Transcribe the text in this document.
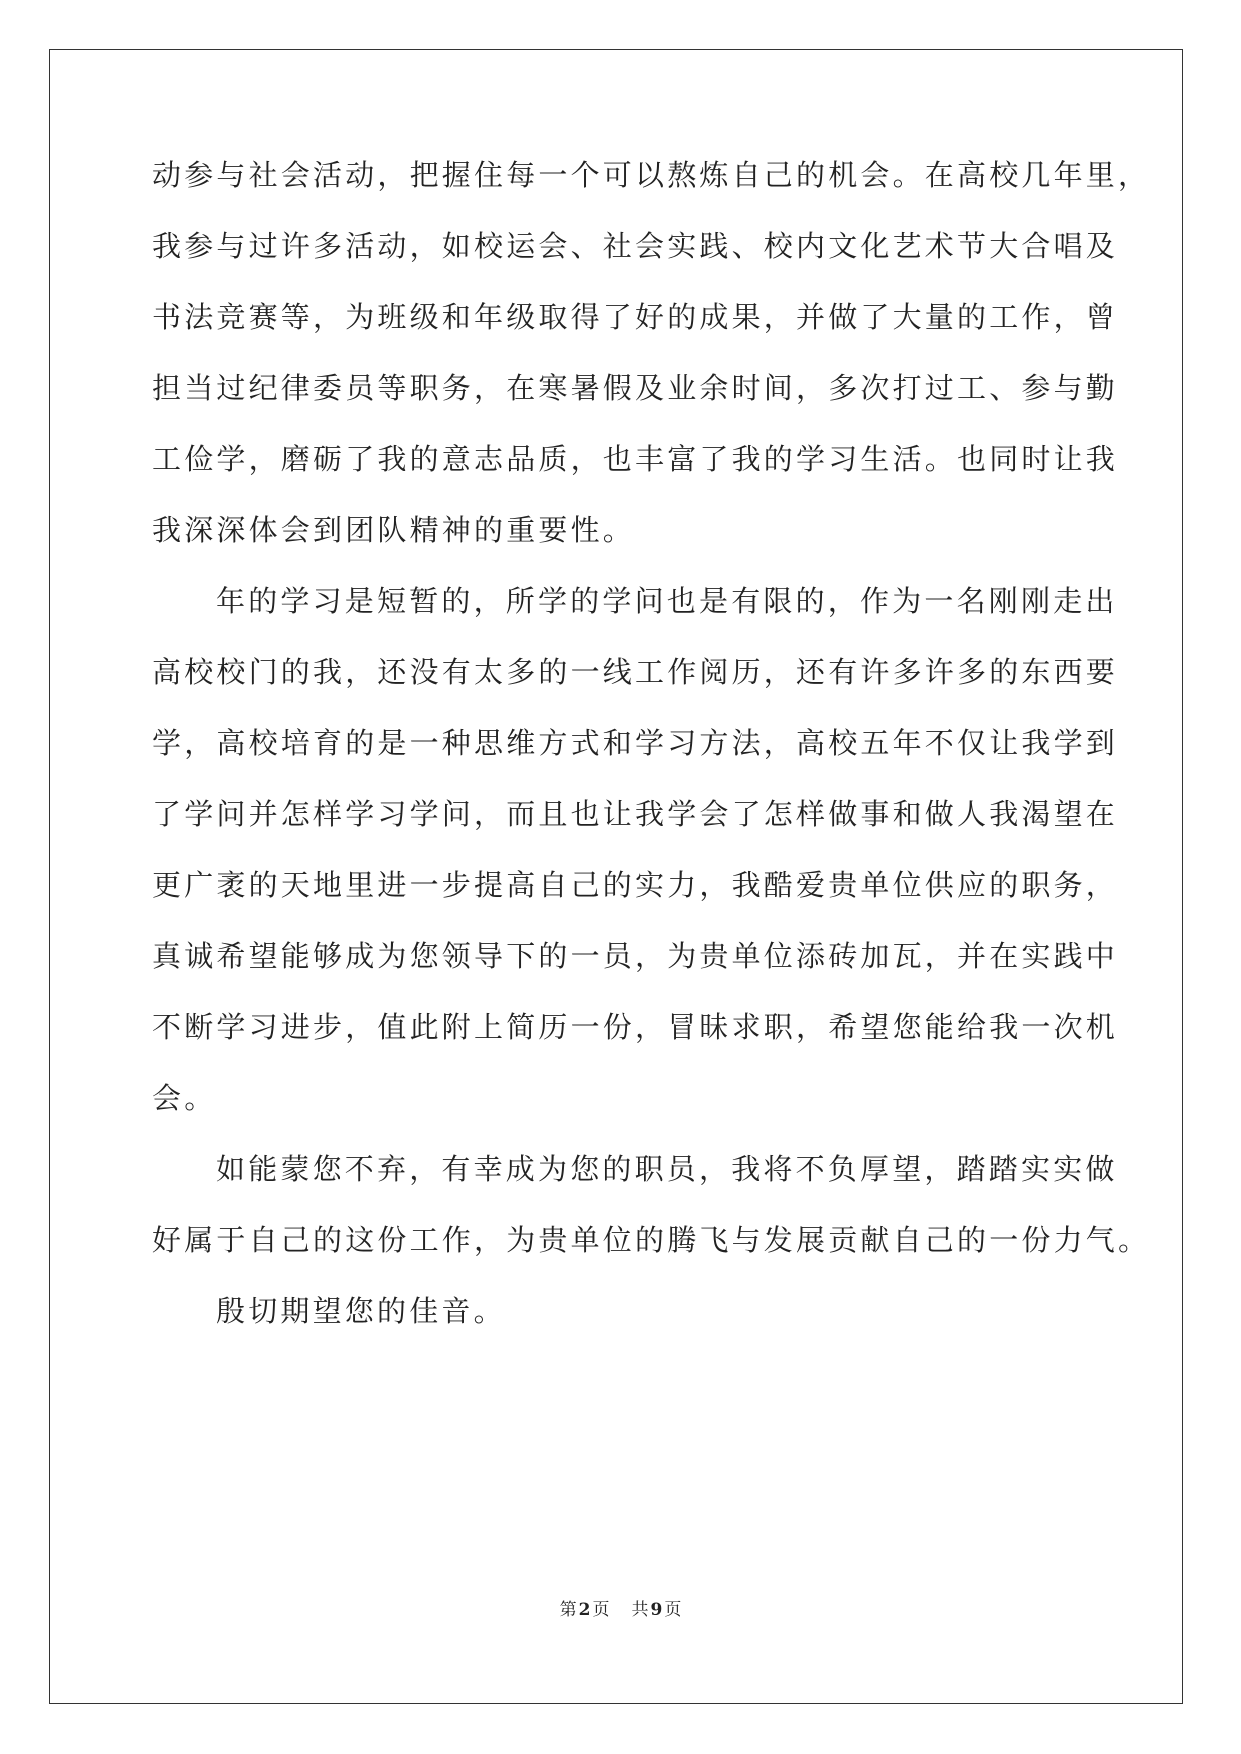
动参与社会活动，把握住每一个可以熬炼自己的机会。在高校几年里，
我参与过许多活动，如校运会、社会实践、校内文化艺术节大合唱及
书法竞赛等，为班级和年级取得了好的成果，并做了大量的工作，曾
担当过纪律委员等职务，在寒暑假及业余时间，多次打过工、参与勤
工俭学，磨砺了我的意志品质，也丰富了我的学习生活。也同时让我
我深深体会到团队精神的重要性。
年的学习是短暂的，所学的学问也是有限的，作为一名刚刚走出
高校校门的我，还没有太多的一线工作阅历，还有许多许多的东西要
学，高校培育的是一种思维方式和学习方法，高校五年不仅让我学到
了学问并怎样学习学问，而且也让我学会了怎样做事和做人我渴望在
更广袤的天地里进一步提高自己的实力，我酷爱贵单位供应的职务，
真诚希望能够成为您领导下的一员，为贵单位添砖加瓦，并在实践中
不断学习进步，值此附上简历一份，冒昧求职，希望您能给我一次机
会。
如能蒙您不弃，有幸成为您的职员，我将不负厚望，踏踏实实做
好属于自己的这份工作，为贵单位的腾飞与发展贡献自己的一份力气。
殷切期望您的佳音。
第 2 页 共 9 页
